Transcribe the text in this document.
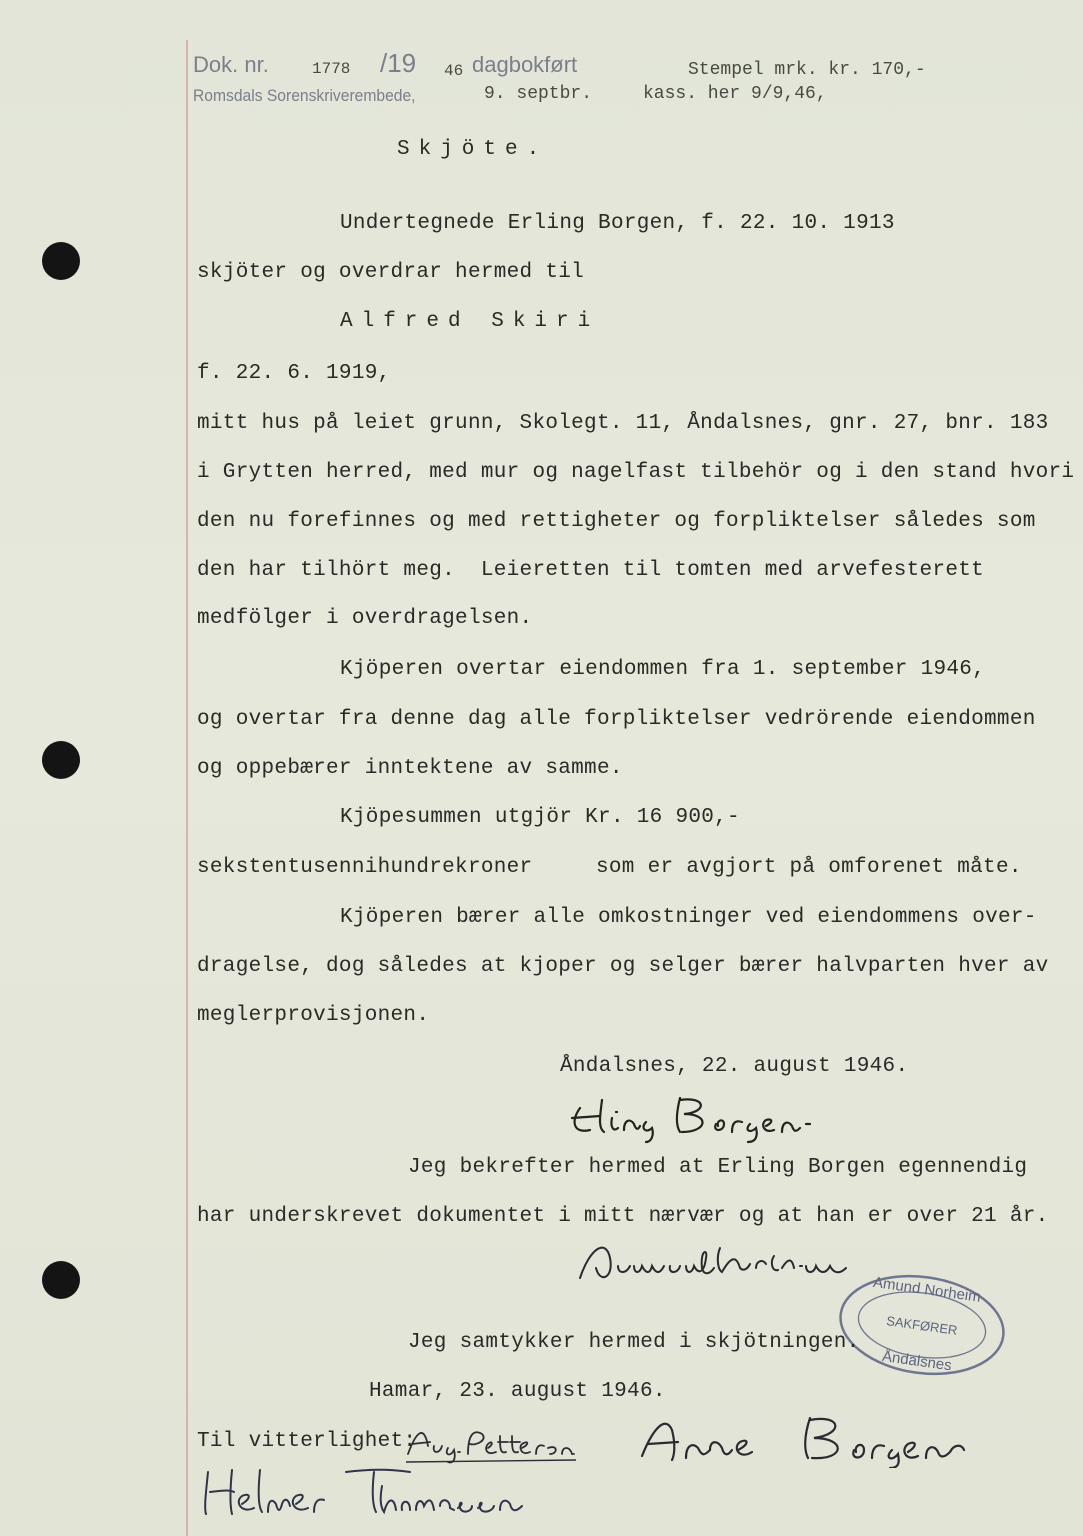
Dok. nr.	1778 /19 46 dagbokført
Romsdals Sorenskriverembede,	9. septbr.
Stempel mrk. kr. 170,-
kass. her 9/9,46,
Skjöte.
Undertegnede Erling Borgen, f. 22. 10. 1913
skjöter og overdrar hermed til
Alfred Skiri
f. 22. 6. 1919,
mitt hus på leiet grunn, Skolegt. 11, Åndalsnes, gnr. 27, bnr. 183
i Grytten herred, med mur og nagelfast tilbehör og i den stand hvori
den nu forefinnes og med rettigheter og forpliktelser således som
den har tilhört meg.  Leieretten til tomten med arvefesterett
medfölger i overdragelsen.
Kjöperen overtar eiendommen fra 1. september 1946,
og overtar fra denne dag alle forpliktelser vedrörende eiendommen
og oppebærer inntektene av samme.
Kjöpesummen utgjör Kr. 16 900,-
sekstentusennihundrekroner	som er avgjort på omforenet måte.
Kjöperen bærer alle omkostninger ved eiendommens over-
dragelse, dog således at kjoper og selger bærer halvparten hver av
meglerprovisjonen.
Åndalsnes, 22. august 1946.
Jeg bekrefter hermed at Erling Borgen egennendig
har underskrevet dokumentet i mitt nærvær og at han er over 21 år.
Amund Norheim
SAKFØRER
Åndalsnes
Jeg samtykker hermed i skjötningen.
Hamar, 23. august 1946.
Til vitterlighet:
